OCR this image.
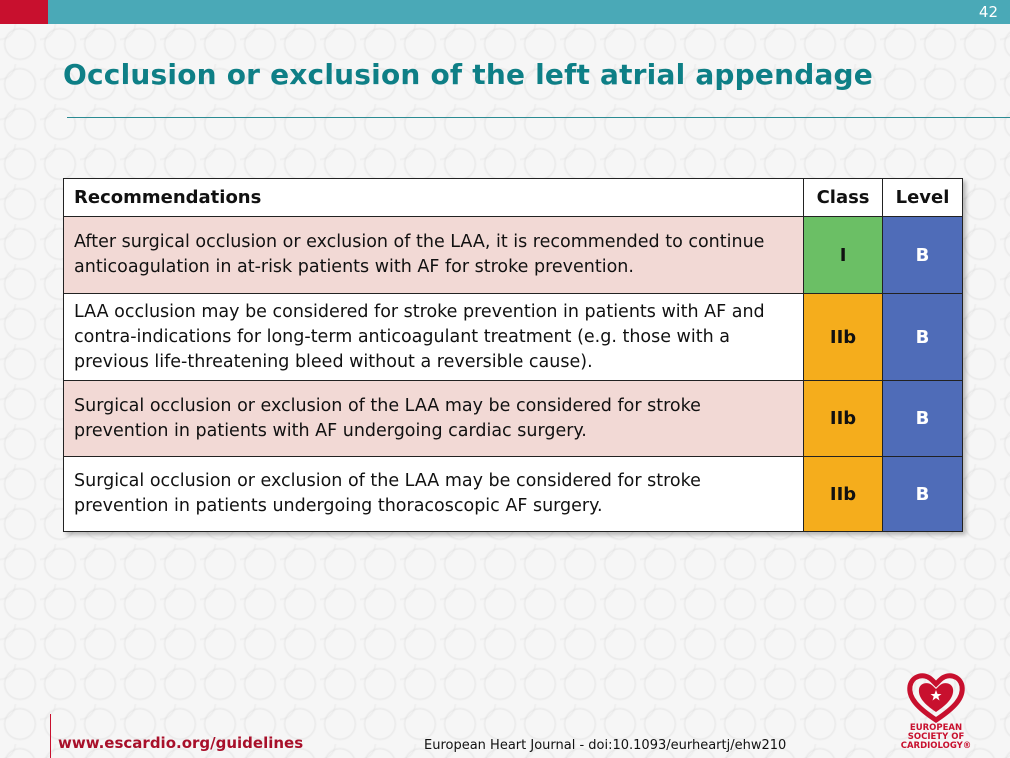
42
Occlusion or exclusion of the left atrial appendage
Recommendations	Class	Level
After surgical occlusion or exclusion of the LAA, it is recommended to continue anticoagulation in at-risk patients with AF for stroke prevention.	I	B
LAA occlusion may be considered for stroke prevention in patients with AF and contra-indications for long-term anticoagulant treatment (e.g. those with a previous life-threatening bleed without a reversible cause).	IIb	B
Surgical occlusion or exclusion of the LAA may be considered for stroke prevention in patients with AF undergoing cardiac surgery.	IIb	B
Surgical occlusion or exclusion of the LAA may be considered for stroke prevention in patients undergoing thoracoscopic AF surgery.	IIb	B
www.escardio.org/guidelines	European Heart Journal - doi:10.1093/eurheartj/ehw210
EUROPEAN
SOCIETY OF
CARDIOLOGY®
